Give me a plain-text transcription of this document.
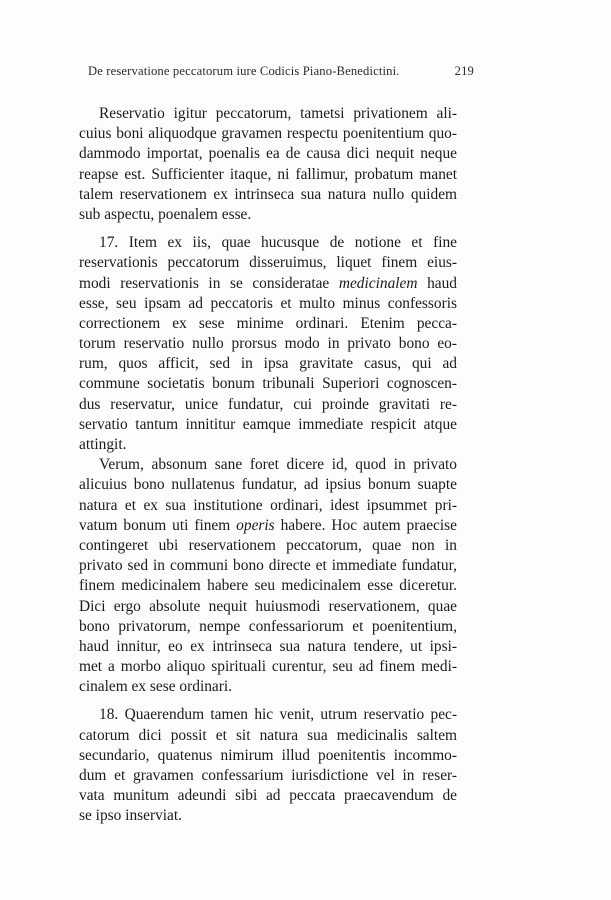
De reservatione peccatorum iure Codicis Piano-Benedictini.	219
Reservatio igitur peccatorum, tametsi privationem ali-
cuius boni aliquodque gravamen respectu poenitentium quo-
dammodo importat, poenalis ea de causa dici nequit neque
reapse est. Sufficienter itaque, ni fallimur, probatum manet
talem reservationem ex intrinseca sua natura nullo quidem
sub aspectu, poenalem esse.
17. Item ex iis, quae hucusque de notione et fine
reservationis peccatorum disseruimus, liquet finem eius-
modi reservationis in se consideratae medicinalem haud
esse, seu ipsam ad peccatoris et multo minus confessoris
correctionem ex sese minime ordinari. Etenim pecca-
torum reservatio nullo prorsus modo in privato bono eo-
rum, quos afficit, sed in ipsa gravitate casus, qui ad
commune societatis bonum tribunali Superiori cognoscen-
dus reservatur, unice fundatur, cui proinde gravitati re-
servatio tantum innititur eamque immediate respicit atque
attingit.
Verum, absonum sane foret dicere id, quod in privato
alicuius bono nullatenus fundatur, ad ipsius bonum suapte
natura et ex sua institutione ordinari, idest ipsummet pri-
vatum bonum uti finem operis habere. Hoc autem praecise
contingeret ubi reservationem peccatorum, quae non in
privato sed in communi bono directe et immediate fundatur,
finem medicinalem habere seu medicinalem esse diceretur.
Dici ergo absolute nequit huiusmodi reservationem, quae
bono privatorum, nempe confessariorum et poenitentium,
haud innitur, eo ex intrinseca sua natura tendere, ut ipsi-
met a morbo aliquo spirituali curentur, seu ad finem medi-
cinalem ex sese ordinari.
18. Quaerendum tamen hic venit, utrum reservatio pec-
catorum dici possit et sit natura sua medicinalis saltem
secundario, quatenus nimirum illud poenitentis incommo-
dum et gravamen confessarium iurisdictione vel in reser-
vata munitum adeundi sibi ad peccata praecavendum de
se ipso inserviat.
